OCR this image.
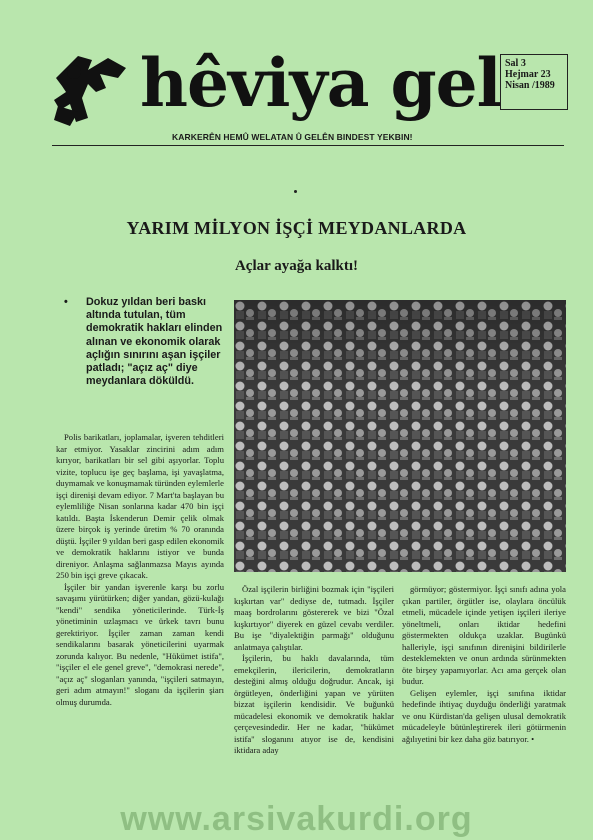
hêviya gel Sal 3
Hejmar 23
Nisan /1989
KARKERÊN HEMÛ WELATAN Û GELÊN BINDEST YEKBIN!
YARIM MİLYON İŞÇİ MEYDANLARDA
Açlar ayağa kalktı!
•	Dokuz yıldan beri baskı altında tutulan, tüm demokratik hakları elinden alınan ve ekonomik olarak açlığın sınırını aşan işçiler patladı; "açız aç" diye meydanlara döküldü.

Polis barikatları, joplamalar, işveren tehditleri kar etmiyor. Yasaklar zincirini adım adım kırıyor, barikatları bir sel gibi aşıyorlar. Toplu vizite, toplucu işe geç başlama, işi yavaşlatma, duymamak ve konuşmamak türünden eylemlerle işçi direnişi devam ediyor. 7 Mart'ta başlayan bu eylemliliğe Nisan sonlarına kadar 470 bin işçi katıldı. Başta İskenderun Demir çelik olmak üzere birçok iş yerinde üretim % 70 oranında düştü. İşçiler 9 yıldan beri gasp edilen ekonomik ve demokratik haklarını istiyor ve bunda direniyor. Anlaşma sağlanmazsa Mayıs ayında 250 bin işçi greve çıkacak.

İşçiler bir yandan işverenle karşı bu zorlu savaşımı yürütürken; diğer yandan, gözü-kulağı "kendi" sendika yöneticilerinde. Türk-İş yönetiminin uzlaşmacı ve ürkek tavrı bunu gerektiriyor. İşçiler zaman zaman kendi sendikalarını basarak yöneticilerini uyarmak zorunda kalıyor. Bu nedenle, "Hükümet istifa", "işçiler el ele genel greve", "demokrasi nerede", "açız aç" sloganları yanında, "işçileri satmayın, geri adım atmayın!" sloganı da işçilerin şiarı olmuş durumda.

Özal işçilerin birliğini bozmak için "işçileri kışkırtan var" dediyse de, tutmadı. İşçiler maaş bordrolarını göstererek ve bizi "Özal kışkırtıyor" diyerek en güzel cevabı verdiler. Bu işe "diyalektiğin parmağı" olduğunu anlatmaya çalıştılar.

İşçilerin, bu haklı davalarında, tüm emekçilerin, ilericilerin, demokratların desteğini almış olduğu doğrudur. Ancak, işi örgütleyen, önderliğini yapan ve yürüten bizzat işçilerin kendisidir. Ve buğunkü mücadelesi ekonomik ve demokratik haklar çerçevesindedir. Her ne kadar, "hükümet istifa" sloganını atıyor ise de, kendisini iktidara aday

görmüyor; göstermiyor. İşçi sınıfı adına yola çıkan partiler, örgütler ise, olaylara öncülük etmeli, mücadele içinde yetişen işçileri ileriye yöneltmeli, onları iktidar hedefini göstermekten oldukça uzaklar. Bugünkü halleriyle, işçi sınıfının direnişini bildirilerle desteklemekten ve onun ardında sürünmekten öte birşey yapamıyorlar. Acı ama gerçek olan budur.

Gelişen eylemler, işçi sınıfına iktidar hedefinde ihtiyaç duyduğu önderliği yaratmak ve onu Kürdistan'da gelişen ulusal demokratik mücadeleyle bütünleştirerek ileri götürmenin ağılıyetini bir kez daha göz batırıyor. •

www.arsivakurdi.org
